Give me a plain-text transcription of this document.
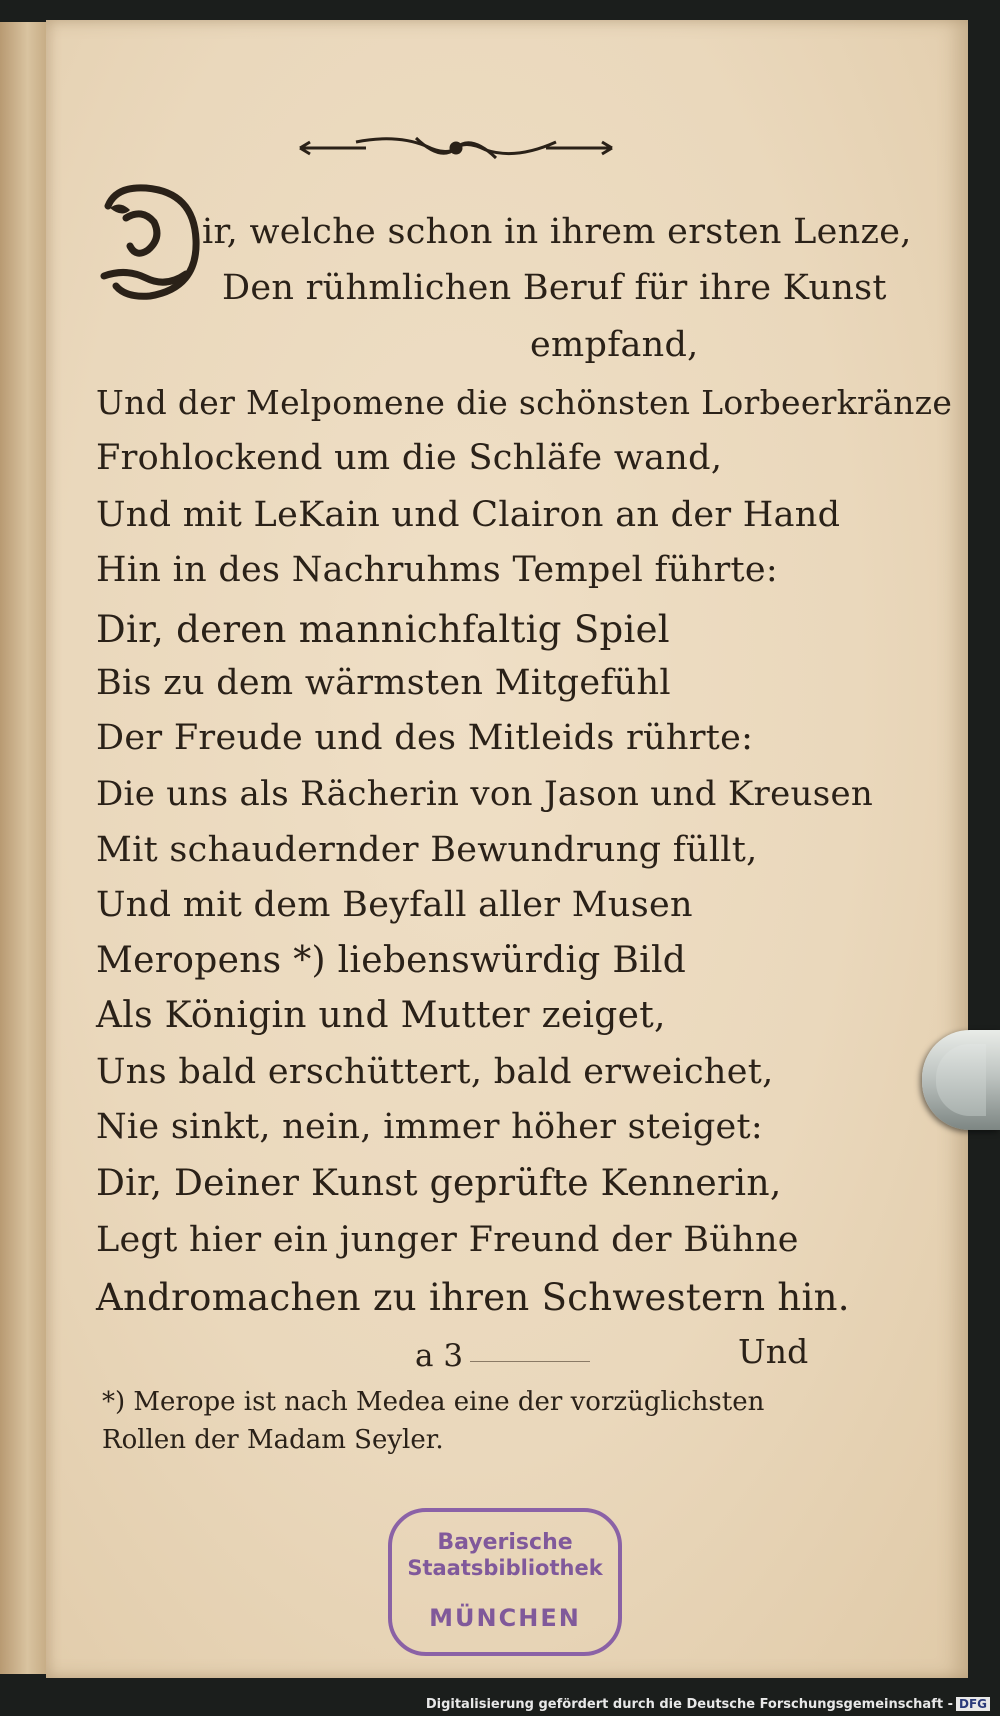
ir, welche schon in ihrem ersten Lenze,
Den rühmlichen Beruf für ihre Kunst
empfand,
Und der Melpomene die schönsten Lorbeerkränze
Frohlockend um die Schläfe wand,
Und mit LeKain und Clairon an der Hand
Hin in des Nachruhms Tempel führte:
Dir, deren mannichfaltig Spiel
Bis zu dem wärmsten Mitgefühl
Der Freude und des Mitleids rührte:
Die uns als Rächerin von Jason und Kreusen
Mit schaudernder Bewundrung füllt,
Und mit dem Beyfall aller Musen
Meropens *) liebenswürdig Bild
Als Königin und Mutter zeiget,
Uns bald erschüttert, bald erweichet,
Nie sinkt, nein, immer höher steiget:
Dir, Deiner Kunst geprüfte Kennerin,
Legt hier ein junger Freund der Bühne
Andromachen zu ihren Schwestern hin.
a 3	Und
*) Merope ist nach Medea eine der vorzüglichsten
Rollen der Madam Seyler.
Bayerische
Staatsbibliothek
MÜNCHEN
Digitalisierung gefördert durch die Deutsche Forschungsgemeinschaft - DFG
